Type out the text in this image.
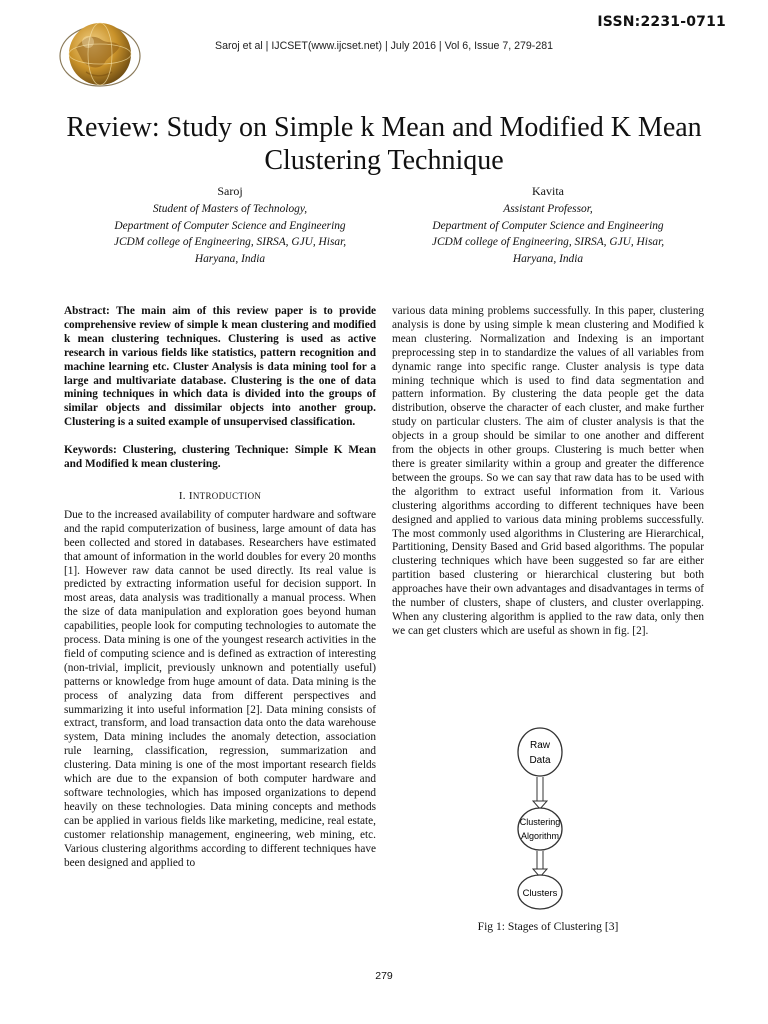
ISSN:2231-0711
Saroj et al | IJCSET(www.ijcset.net) | July 2016 | Vol 6, Issue 7, 279-281
Review: Study on Simple k Mean and Modified K Mean Clustering Technique
Saroj
Student of Masters of Technology,
Department of Computer Science and Engineering
JCDM college of Engineering, SIRSA, GJU, Hisar,
Haryana, India
Kavita
Assistant Professor,
Department of Computer Science and Engineering
JCDM college of Engineering, SIRSA, GJU, Hisar,
Haryana, India

Abstract: The main aim of this review paper is to provide comprehensive review of simple k mean clustering and modified k mean clustering techniques. Clustering is used as active research in various fields like statistics, pattern recognition and machine learning etc. Cluster Analysis is data mining tool for a large and multivariate database. Clustering is the one of data mining techniques in which data is divided into the groups of similar objects and dissimilar objects into another group. Clustering is a suited example of unsupervised classification.

Keywords: Clustering, clustering Technique: Simple K Mean and Modified k mean clustering.

I. INTRODUCTION

Due to the increased availability of computer hardware and software and the rapid computerization of business, large amount of data has been collected and stored in databases. Researchers have estimated that amount of information in the world doubles for every 20 months [1]. However raw data cannot be used directly. Its real value is predicted by extracting information useful for decision support. In most areas, data analysis was traditionally a manual process. When the size of data manipulation and exploration goes beyond human capabilities, people look for computing technologies to automate the process. Data mining is one of the youngest research activities in the field of computing science and is defined as extraction of interesting (non-trivial, implicit, previously unknown and potentially useful) patterns or knowledge from huge amount of data. Data mining is the process of analyzing data from different perspectives and summarizing it into useful information [2]. Data mining consists of extract, transform, and load transaction data onto the data warehouse system, Data mining includes the anomaly detection, association rule learning, classification, regression, summarization and clustering. Data mining is one of the most important research fields which are due to the expansion of both computer hardware and software technologies, which has imposed organizations to depend heavily on these technologies. Data mining concepts and methods can be applied in various fields like marketing, medicine, real estate, customer relationship management, engineering, web mining, etc. Various clustering algorithms according to different techniques have been designed and applied to

various data mining problems successfully. In this paper, clustering analysis is done by using simple k mean clustering and Modified k mean clustering. Normalization and Indexing is an important preprocessing step in to standardize the values of all variables from dynamic range into specific range. Cluster analysis is type data mining technique which is used to find data segmentation and pattern information. By clustering the data people get the data distribution, observe the character of each cluster, and make further study on particular clusters. The aim of cluster analysis is that the objects in a group should be similar to one another and different from the objects in other groups. Clustering is much better when there is greater similarity within a group and greater the difference between the groups. So we can say that raw data has to be used with the algorithm to extract useful information from it. Various clustering algorithms according to different techniques have been designed and applied to various data mining problems successfully. The most commonly used algorithms in Clustering are Hierarchical, Partitioning, Density Based and Grid based algorithms. The popular clustering techniques which have been suggested so far are either partition based clustering or hierarchical clustering but both approaches have their own advantages and disadvantages in terms of the number of clusters, shape of clusters, and cluster overlapping. When any clustering algorithm is applied to the raw data, only then we can get clusters which are useful as shown in fig. [2].

Raw
Data
Clustering
Algorithm
Clusters
Fig 1: Stages of Clustering [3]
279
